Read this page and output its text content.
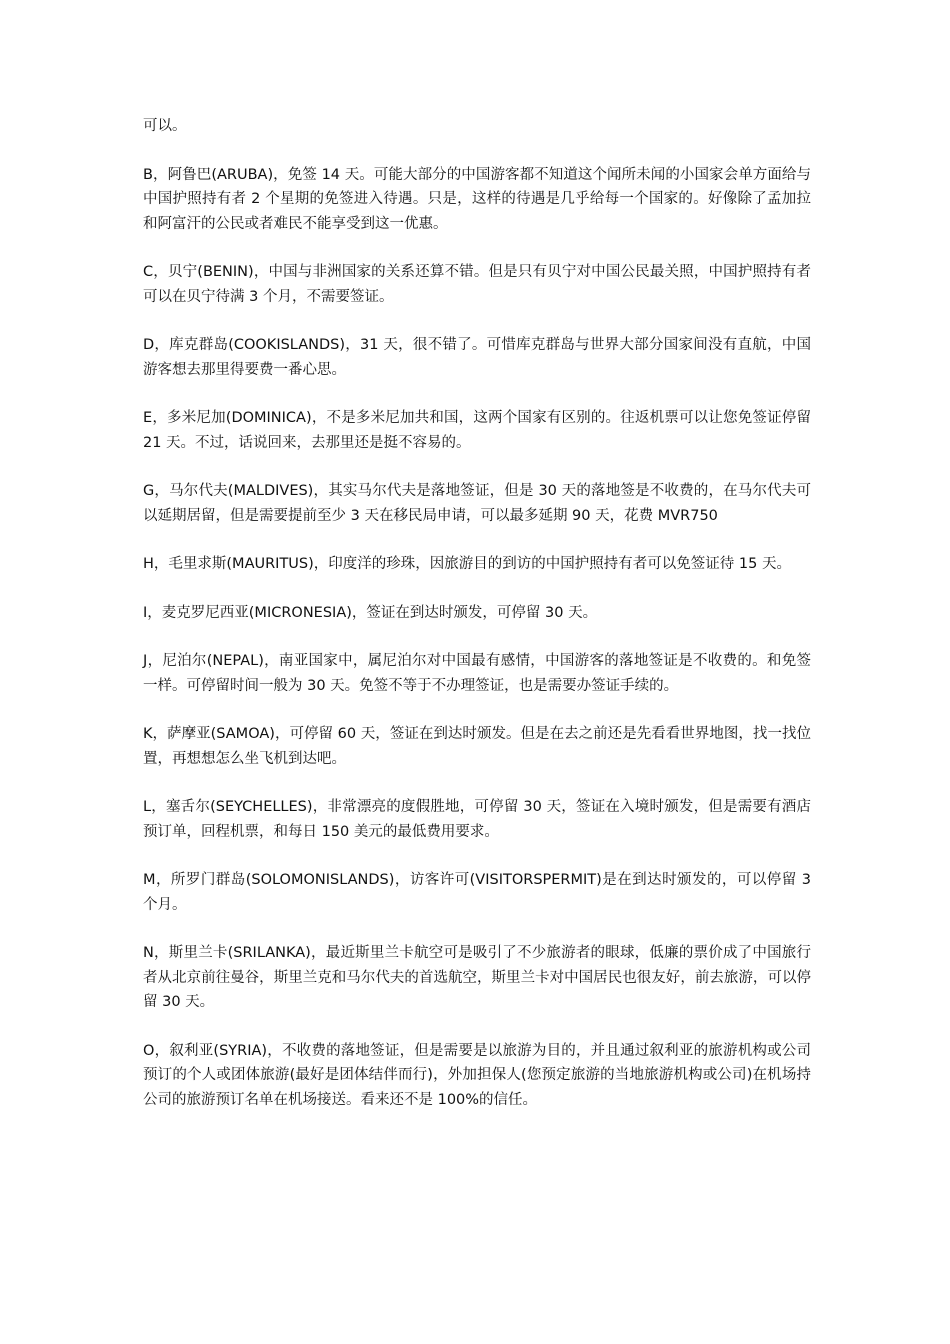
可以。

B，阿鲁巴(ARUBA)，免签 14 天。可能大部分的中国游客都不知道这个闻所未闻的小国家会单方面给与中国护照持有者 2 个星期的免签进入待遇。只是，这样的待遇是几乎给每一个国家的。好像除了孟加拉和阿富汗的公民或者难民不能享受到这一优惠。

C，贝宁(BENIN)，中国与非洲国家的关系还算不错。但是只有贝宁对中国公民最关照，中国护照持有者可以在贝宁待满 3 个月，不需要签证。

D，库克群岛(COOKISLANDS)，31 天，很不错了。可惜库克群岛与世界大部分国家间没有直航，中国游客想去那里得要费一番心思。

E，多米尼加(DOMINICA)，不是多米尼加共和国，这两个国家有区别的。往返机票可以让您免签证停留 21 天。不过，话说回来，去那里还是挺不容易的。

G，马尔代夫(MALDIVES)，其实马尔代夫是落地签证，但是 30 天的落地签是不收费的，在马尔代夫可以延期居留，但是需要提前至少 3 天在移民局申请，可以最多延期 90 天，花费 MVR750

H，毛里求斯(MAURITUS)，印度洋的珍珠，因旅游目的到访的中国护照持有者可以免签证待 15 天。

I，麦克罗尼西亚(MICRONESIA)，签证在到达时颁发，可停留 30 天。

J，尼泊尔(NEPAL)，南亚国家中，属尼泊尔对中国最有感情，中国游客的落地签证是不收费的。和免签一样。可停留时间一般为 30 天。免签不等于不办理签证，也是需要办签证手续的。

K，萨摩亚(SAMOA)，可停留 60 天，签证在到达时颁发。但是在去之前还是先看看世界地图，找一找位置，再想想怎么坐飞机到达吧。

L，塞舌尔(SEYCHELLES)，非常漂亮的度假胜地，可停留 30 天，签证在入境时颁发，但是需要有酒店预订单，回程机票，和每日 150 美元的最低费用要求。

M，所罗门群岛(SOLOMONISLANDS)，访客许可(VISITORSPERMIT)是在到达时颁发的，可以停留 3 个月。

N，斯里兰卡(SRILANKA)，最近斯里兰卡航空可是吸引了不少旅游者的眼球，低廉的票价成了中国旅行者从北京前往曼谷，斯里兰克和马尔代夫的首选航空，斯里兰卡对中国居民也很友好，前去旅游，可以停留 30 天。

O，叙利亚(SYRIA)，不收费的落地签证，但是需要是以旅游为目的，并且通过叙利亚的旅游机构或公司预订的个人或团体旅游(最好是团体结伴而行)，外加担保人(您预定旅游的当地旅游机构或公司)在机场持公司的旅游预订名单在机场接送。看来还不是 100%的信任。
